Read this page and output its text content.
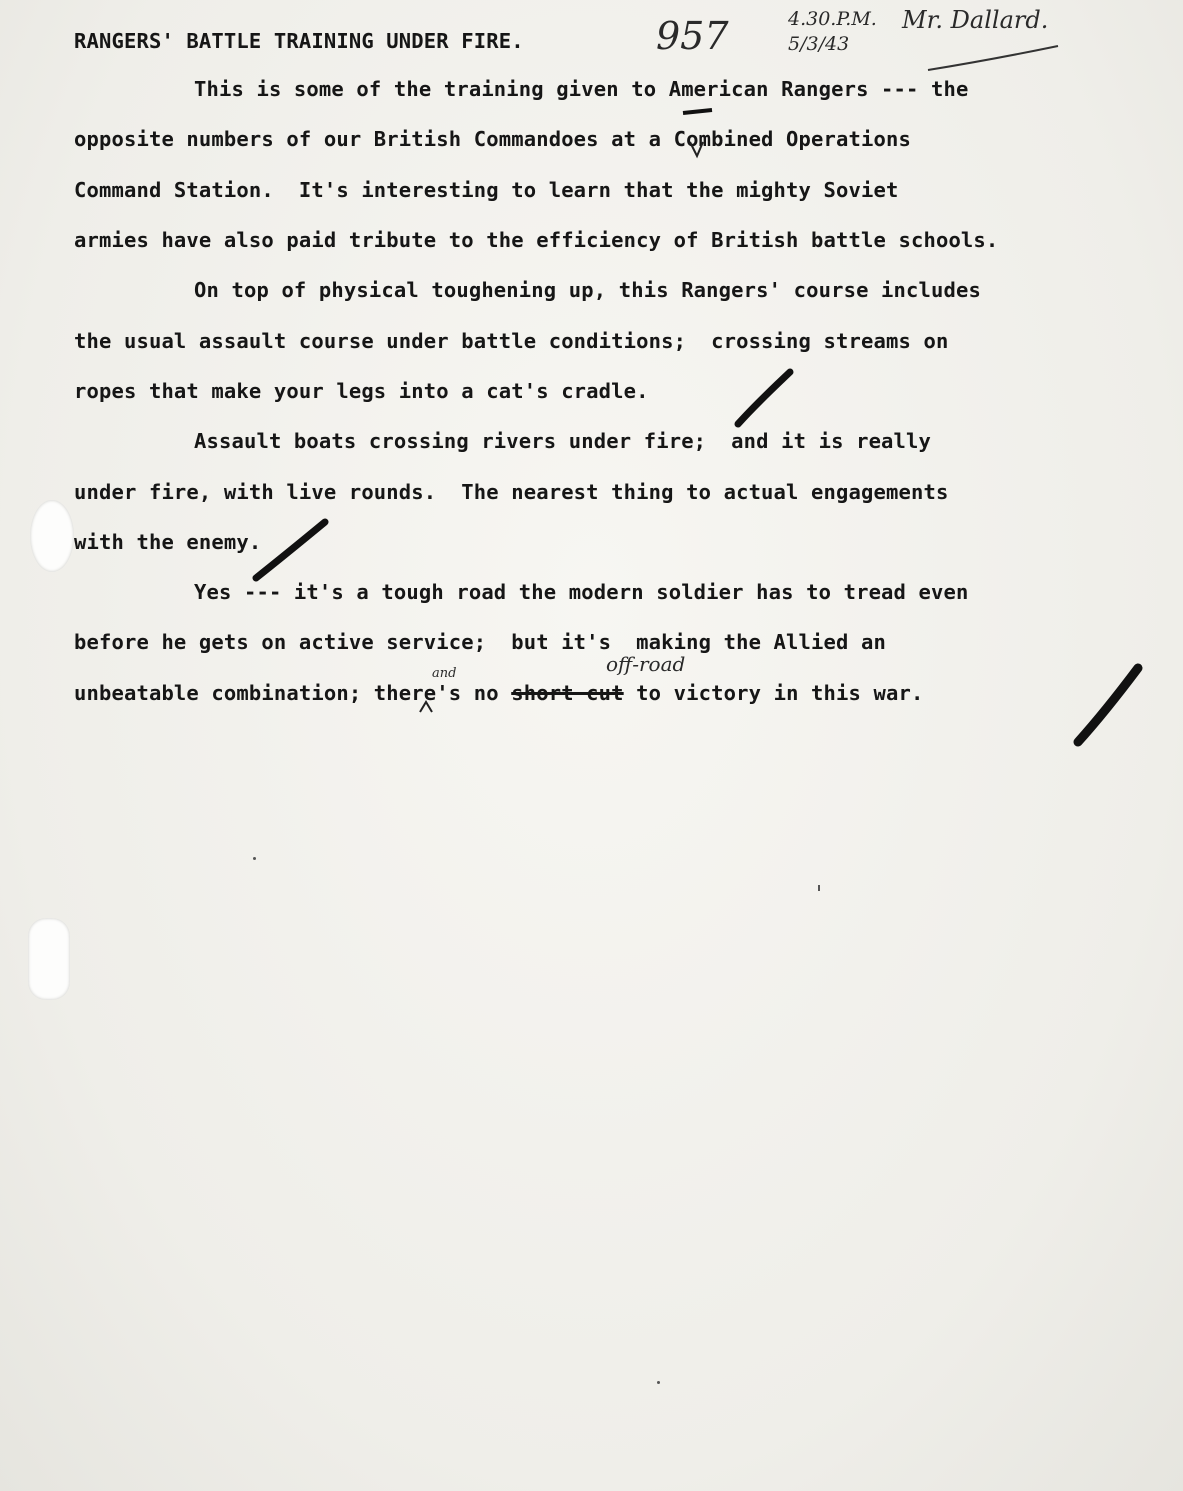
RANGERS' BATTLE TRAINING UNDER FIRE.	957	4.30.P.M.
5/3/43
Mr. Dallard.
This is some of the training given to American Rangers --- the
opposite numbers of our British Commandoes at a Combined Operations
Command Station.  It's interesting to learn that the mighty Soviet
armies have also paid tribute to the efficiency of British battle schools.
On top of physical toughening up, this Rangers' course includes
the usual assault course under battle conditions;  crossing streams on
ropes that make your legs into a cat's cradle.
Assault boats crossing rivers under fire;  and it is really
under fire, with live rounds.  The nearest thing to actual engagements
with the enemy.
Yes --- it's a tough road the modern soldier has to tread even
before he gets on active service;  but it's  making the Allied an
unbeatable combination; there's no short cut to victory in this war.
and	off-road
